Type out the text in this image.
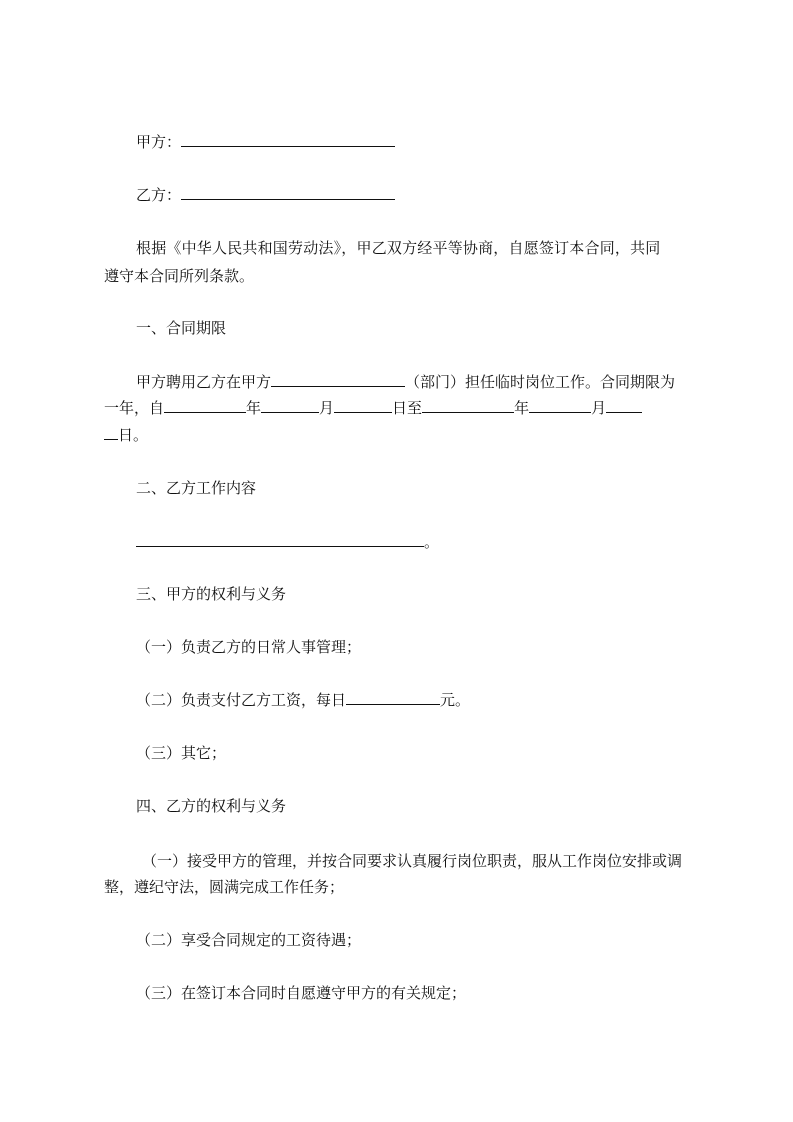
甲方：
乙方：
根据《中华人民共和国劳动法》，甲乙双方经平等协商，自愿签订本合同，共同
遵守本合同所列条款。
一、合同期限
甲方聘用乙方在甲方	（部门）担任临时岗位工作。合同期限为
一年，自	年	月	日至	年	月
日。
二、乙方工作内容
。
三、甲方的权利与义务
（一）负责乙方的日常人事管理；
（二）负责支付乙方工资，每日	元。
（三）其它；
四、乙方的权利与义务
（一）接受甲方的管理，并按合同要求认真履行岗位职责，服从工作岗位安排或调
整，遵纪守法，圆满完成工作任务；
（二）享受合同规定的工资待遇；
（三）在签订本合同时自愿遵守甲方的有关规定；
